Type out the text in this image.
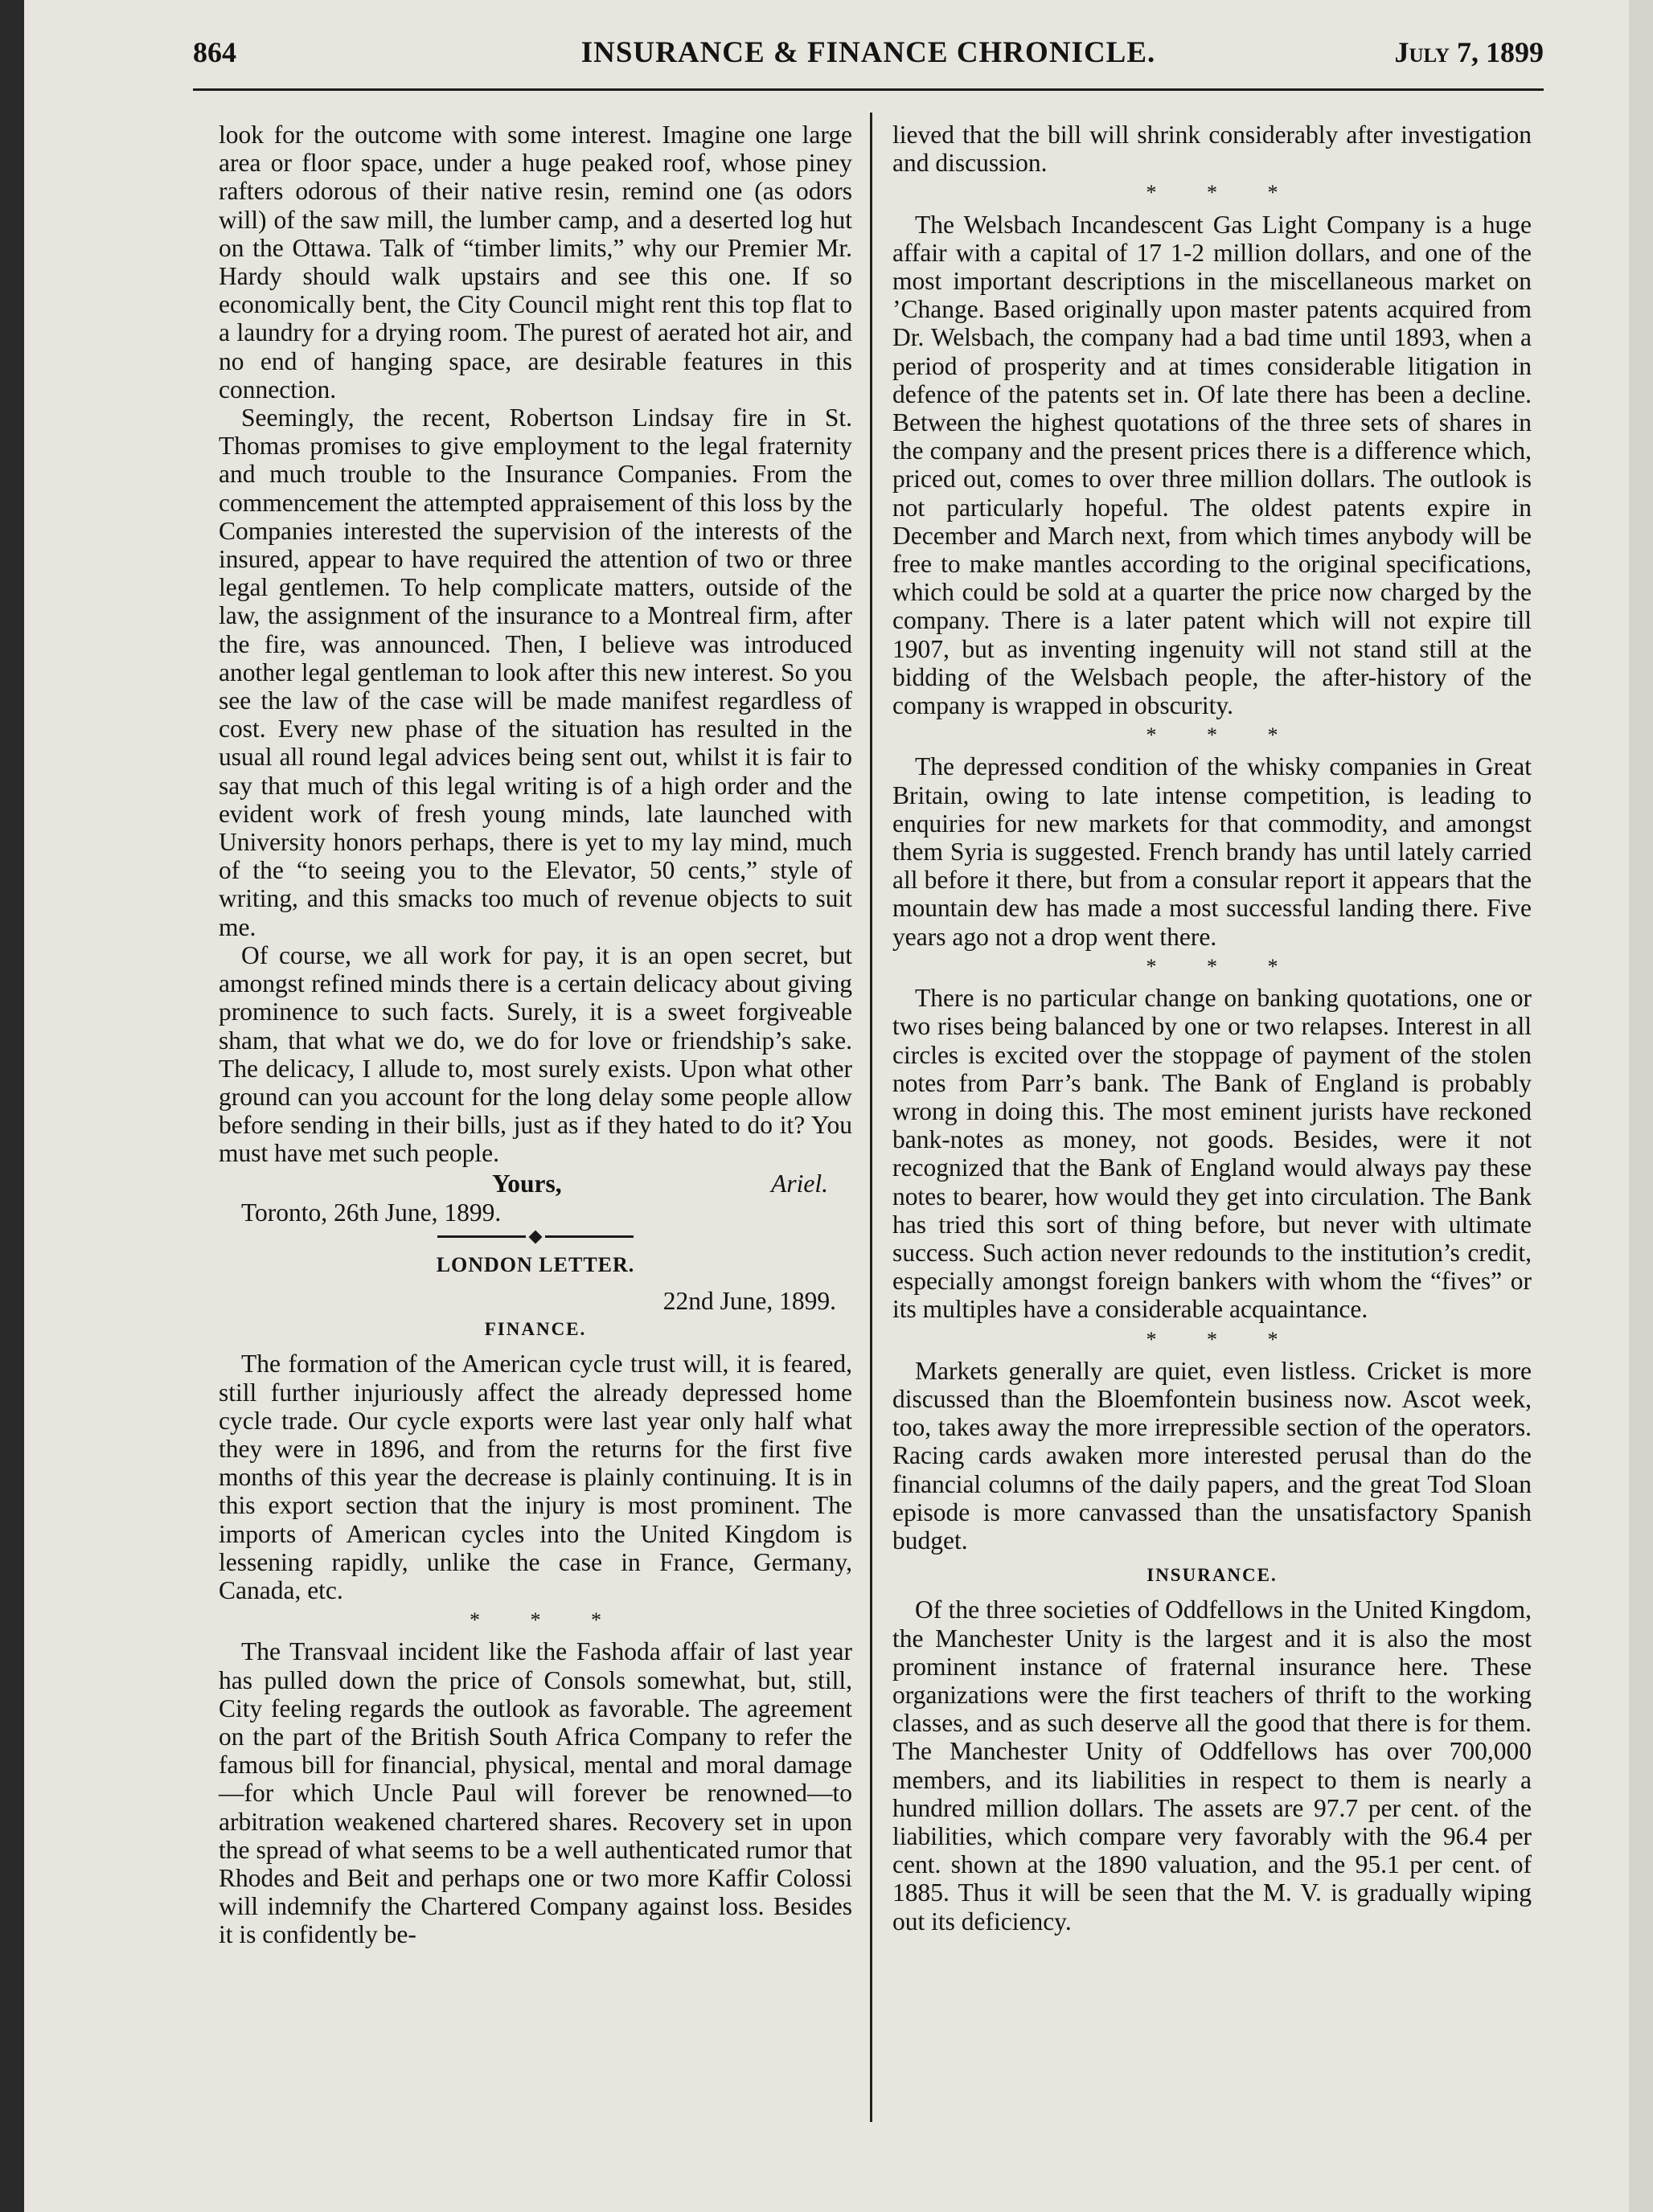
864	INSURANCE & FINANCE CHRONICLE.	July 7, 1899

look for the outcome with some interest. Imagine one large area or floor space, under a huge peaked roof, whose piney rafters odorous of their native resin, remind one (as odors will) of the saw mill, the lumber camp, and a deserted log hut on the Ottawa. Talk of “timber limits,” why our Premier Mr. Hardy should walk upstairs and see this one. If so economically bent, the City Council might rent this top flat to a laundry for a drying room. The purest of aerated hot air, and no end of hanging space, are desirable features in this connection.

Seemingly, the recent, Robertson Lindsay fire in St. Thomas promises to give employment to the legal fraternity and much trouble to the Insurance Companies. From the commencement the attempted appraisement of this loss by the Companies interested the supervision of the interests of the insured, appear to have required the attention of two or three legal gentlemen. To help complicate matters, outside of the law, the assignment of the insurance to a Montreal firm, after the fire, was announced. Then, I believe was introduced another legal gentleman to look after this new interest. So you see the law of the case will be made manifest regardless of cost. Every new phase of the situation has resulted in the usual all round legal advices being sent out, whilst it is fair to say that much of this legal writing is of a high order and the evident work of fresh young minds, late launched with University honors perhaps, there is yet to my lay mind, much of the “to seeing you to the Elevator, 50 cents,” style of writing, and this smacks too much of revenue objects to suit me.

Of course, we all work for pay, it is an open secret, but amongst refined minds there is a certain delicacy about giving prominence to such facts. Surely, it is a sweet forgiveable sham, that what we do, we do for love or friendship’s sake. The delicacy, I allude to, most surely exists. Upon what other ground can you account for the long delay some people allow before sending in their bills, just as if they hated to do it? You must have met such people.

Yours,	Ariel.

Toronto, 26th June, 1899.

LONDON LETTER.
22nd June, 1899.
FINANCE.

The formation of the American cycle trust will, it is feared, still further injuriously affect the already depressed home cycle trade. Our cycle exports were last year only half what they were in 1896, and from the returns for the first five months of this year the decrease is plainly continuing. It is in this export section that the injury is most prominent. The imports of American cycles into the United Kingdom is lessening rapidly, unlike the case in France, Germany, Canada, etc.

* * *

The Transvaal incident like the Fashoda affair of last year has pulled down the price of Consols somewhat, but, still, City feeling regards the outlook as favorable. The agreement on the part of the British South Africa Company to refer the famous bill for financial, physical, mental and moral damage—for which Uncle Paul will forever be renowned—to arbitration weakened chartered shares. Recovery set in upon the spread of what seems to be a well authenticated rumor that Rhodes and Beit and perhaps one or two more Kaffir Colossi will indemnify the Chartered Company against loss. Besides it is confidently be-

lieved that the bill will shrink considerably after investigation and discussion.

* * *

The Welsbach Incandescent Gas Light Company is a huge affair with a capital of 17 1-2 million dollars, and one of the most important descriptions in the miscellaneous market on ’Change. Based originally upon master patents acquired from Dr. Welsbach, the company had a bad time until 1893, when a period of prosperity and at times considerable litigation in defence of the patents set in. Of late there has been a decline. Between the highest quotations of the three sets of shares in the company and the present prices there is a difference which, priced out, comes to over three million dollars. The outlook is not particularly hopeful. The oldest patents expire in December and March next, from which times anybody will be free to make mantles according to the original specifications, which could be sold at a quarter the price now charged by the company. There is a later patent which will not expire till 1907, but as inventing ingenuity will not stand still at the bidding of the Welsbach people, the after-history of the company is wrapped in obscurity.

* * *

The depressed condition of the whisky companies in Great Britain, owing to late intense competition, is leading to enquiries for new markets for that commodity, and amongst them Syria is suggested. French brandy has until lately carried all before it there, but from a consular report it appears that the mountain dew has made a most successful landing there. Five years ago not a drop went there.

* * *

There is no particular change on banking quotations, one or two rises being balanced by one or two relapses. Interest in all circles is excited over the stoppage of payment of the stolen notes from Parr’s bank. The Bank of England is probably wrong in doing this. The most eminent jurists have reckoned bank-notes as money, not goods. Besides, were it not recognized that the Bank of England would always pay these notes to bearer, how would they get into circulation. The Bank has tried this sort of thing before, but never with ultimate success. Such action never redounds to the institution’s credit, especially amongst foreign bankers with whom the “fives” or its multiples have a considerable acquaintance.

* * *

Markets generally are quiet, even listless. Cricket is more discussed than the Bloemfontein business now. Ascot week, too, takes away the more irrepressible section of the operators. Racing cards awaken more interested perusal than do the financial columns of the daily papers, and the great Tod Sloan episode is more canvassed than the unsatisfactory Spanish budget.

INSURANCE.

Of the three societies of Oddfellows in the United Kingdom, the Manchester Unity is the largest and it is also the most prominent instance of fraternal insurance here. These organizations were the first teachers of thrift to the working classes, and as such deserve all the good that there is for them. The Manchester Unity of Oddfellows has over 700,000 members, and its liabilities in respect to them is nearly a hundred million dollars. The assets are 97.7 per cent. of the liabilities, which compare very favorably with the 96.4 per cent. shown at the 1890 valuation, and the 95.1 per cent. of 1885. Thus it will be seen that the M. V. is gradually wiping out its deficiency.
